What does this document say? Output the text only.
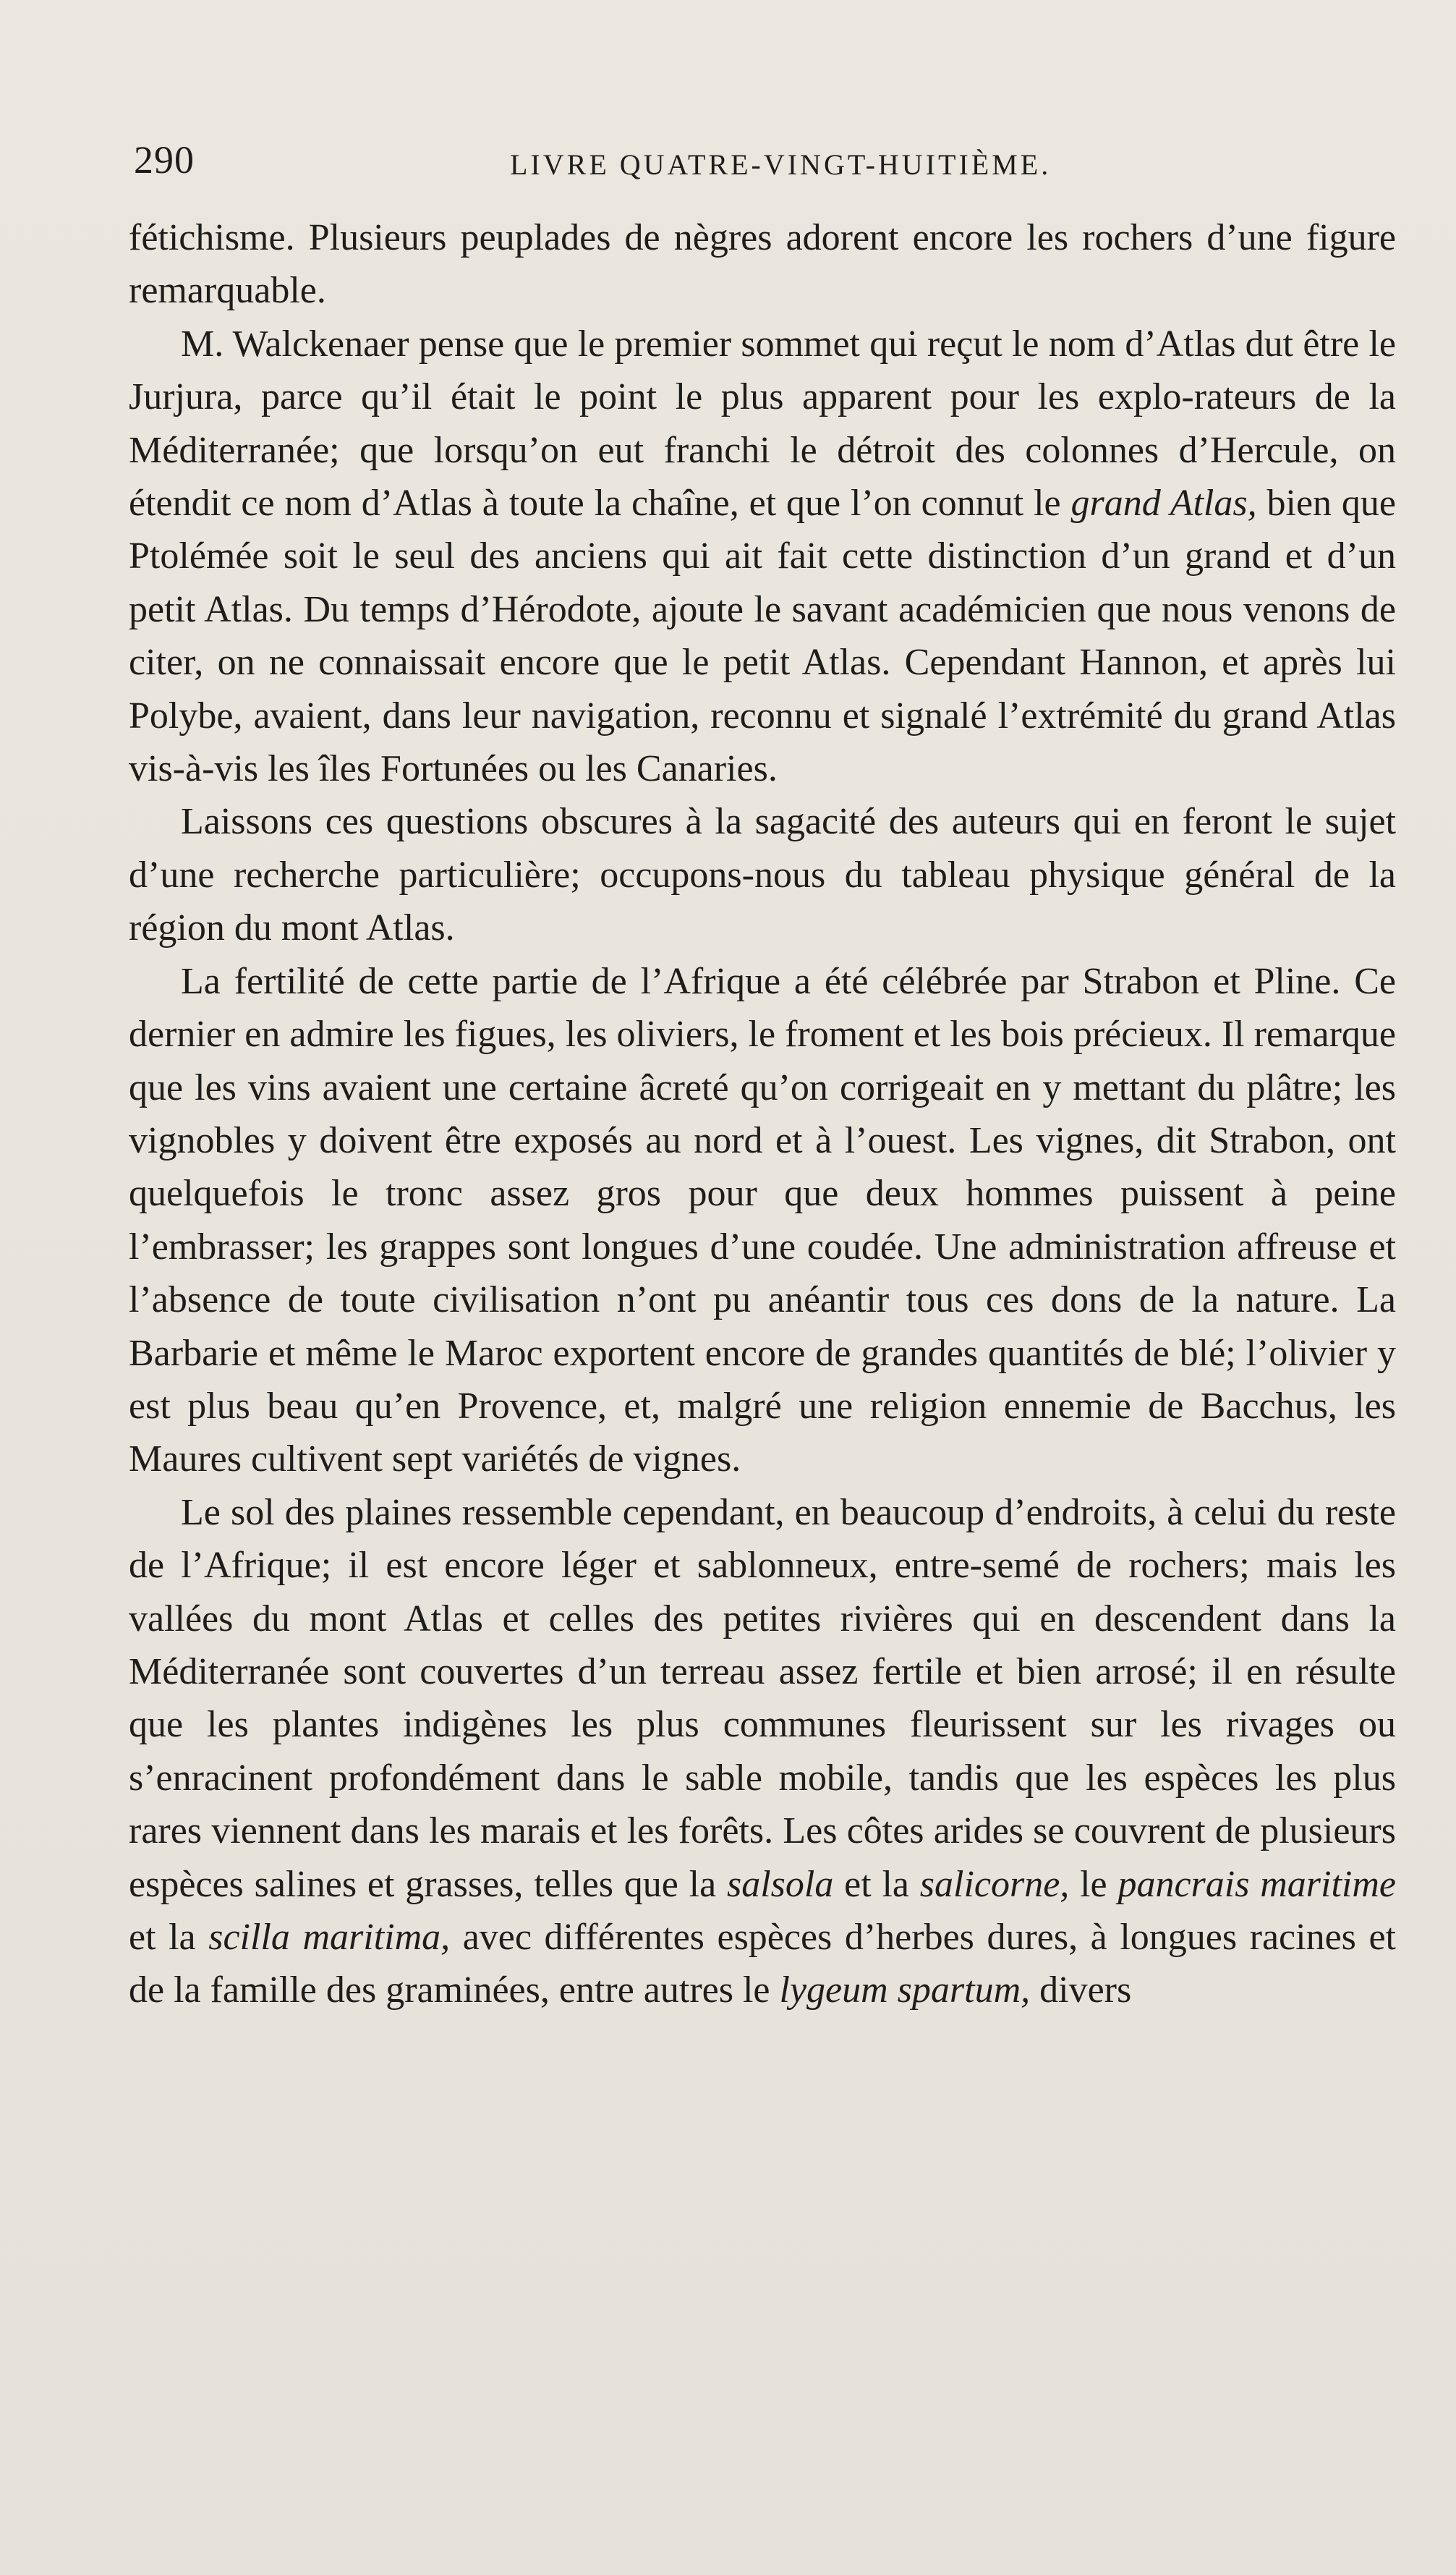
290	LIVRE QUATRE-VINGT-HUITIÈME.

fétichisme. Plusieurs peuplades de nègres adorent encore les rochers d’une figure remarquable.

M. Walckenaer pense que le premier sommet qui reçut le nom d’Atlas dut être le Jurjura, parce qu’il était le point le plus apparent pour les explo-rateurs de la Méditerranée; que lorsqu’on eut franchi le détroit des colonnes d’Hercule, on étendit ce nom d’Atlas à toute la chaîne, et que l’on connut le grand Atlas, bien que Ptolémée soit le seul des anciens qui ait fait cette distinction d’un grand et d’un petit Atlas. Du temps d’Hérodote, ajoute le savant académicien que nous venons de citer, on ne connaissait encore que le petit Atlas. Cependant Hannon, et après lui Polybe, avaient, dans leur navigation, reconnu et signalé l’extrémité du grand Atlas vis-à-vis les îles Fortunées ou les Canaries.

Laissons ces questions obscures à la sagacité des auteurs qui en feront le sujet d’une recherche particulière; occupons-nous du tableau physique général de la région du mont Atlas.

La fertilité de cette partie de l’Afrique a été célébrée par Strabon et Pline. Ce dernier en admire les figues, les oliviers, le froment et les bois précieux. Il remarque que les vins avaient une certaine âcreté qu’on corrigeait en y mettant du plâtre; les vignobles y doivent être exposés au nord et à l’ouest. Les vignes, dit Strabon, ont quelquefois le tronc assez gros pour que deux hommes puissent à peine l’embrasser; les grappes sont longues d’une coudée. Une administration affreuse et l’absence de toute civilisation n’ont pu anéantir tous ces dons de la nature. La Barbarie et même le Maroc exportent encore de grandes quantités de blé; l’olivier y est plus beau qu’en Provence, et, malgré une religion ennemie de Bacchus, les Maures cultivent sept variétés de vignes.

Le sol des plaines ressemble cependant, en beaucoup d’endroits, à celui du reste de l’Afrique; il est encore léger et sablonneux, entre-semé de rochers; mais les vallées du mont Atlas et celles des petites rivières qui en descendent dans la Méditerranée sont couvertes d’un terreau assez fertile et bien arrosé; il en résulte que les plantes indigènes les plus communes fleurissent sur les rivages ou s’enracinent profondément dans le sable mobile, tandis que les espèces les plus rares viennent dans les marais et les forêts. Les côtes arides se couvrent de plusieurs espèces salines et grasses, telles que la salsola et la salicorne, le pancrais maritime et la scilla maritima, avec différentes espèces d’herbes dures, à longues racines et de la famille des graminées, entre autres le lygeum spartum, divers
